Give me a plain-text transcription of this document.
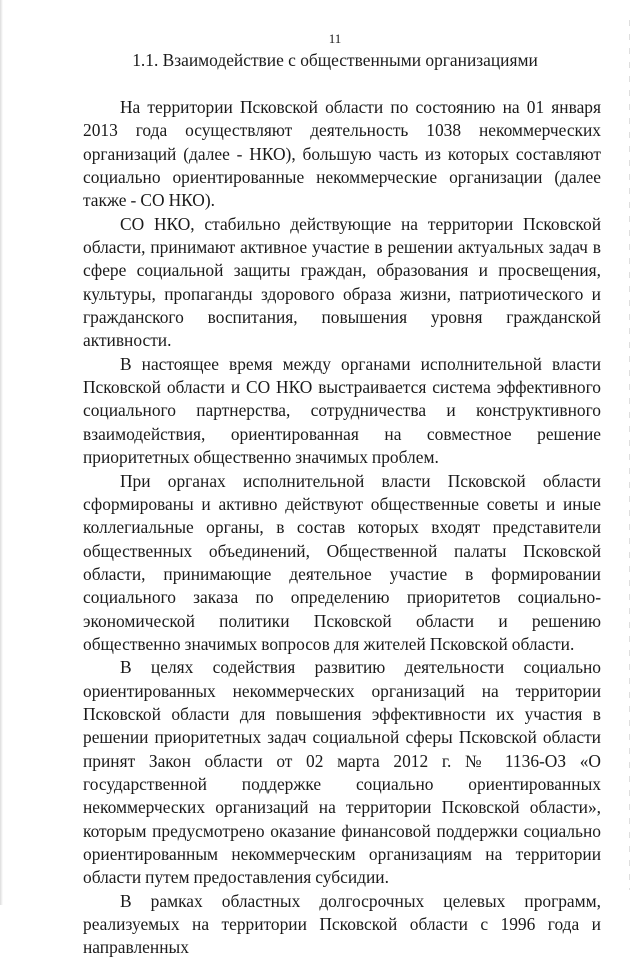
11
1.1. Взаимодействие с общественными организациями

На территории Псковской области по состоянию на 01 января 2013 года осуществляют деятельность 1038 некоммерческих организаций (далее - НКО), большую часть из которых составляют социально ориентированные некоммерческие организации (далее также - СО НКО).

СО НКО, стабильно действующие на территории Псковской области, принимают активное участие в решении актуальных задач в сфере социальной защиты граждан, образования и просвещения, культуры, пропаганды здорового образа жизни, патриотического и гражданского воспитания, повышения уровня гражданской активности.

В настоящее время между органами исполнительной власти Псковской области и СО НКО выстраивается система эффективного социального партнерства, сотрудничества и конструктивного взаимодействия, ориентированная на совместное решение приоритетных общественно значимых проблем.

При органах исполнительной власти Псковской области сформированы и активно действуют общественные советы и иные коллегиальные органы, в состав которых входят представители общественных объединений, Общественной палаты Псковской области, принимающие деятельное участие в формировании социального заказа по определению приоритетов социально-экономической политики Псковской области и решению общественно значимых вопросов для жителей Псковской области.

В целях содействия развитию деятельности социально ориентированных некоммерческих организаций на территории Псковской области для повышения эффективности их участия в решении приоритетных задач социальной сферы Псковской области принят Закон области от 02 марта 2012 г. № 1136-ОЗ «О государственной поддержке социально ориентированных некоммерческих организаций на территории Псковской области», которым предусмотрено оказание финансовой поддержки социально ориентированным некоммерческим организациям на территории области путем предоставления субсидии.

В рамках областных долгосрочных целевых программ, реализуемых на территории Псковской области с 1996 года и направленных
